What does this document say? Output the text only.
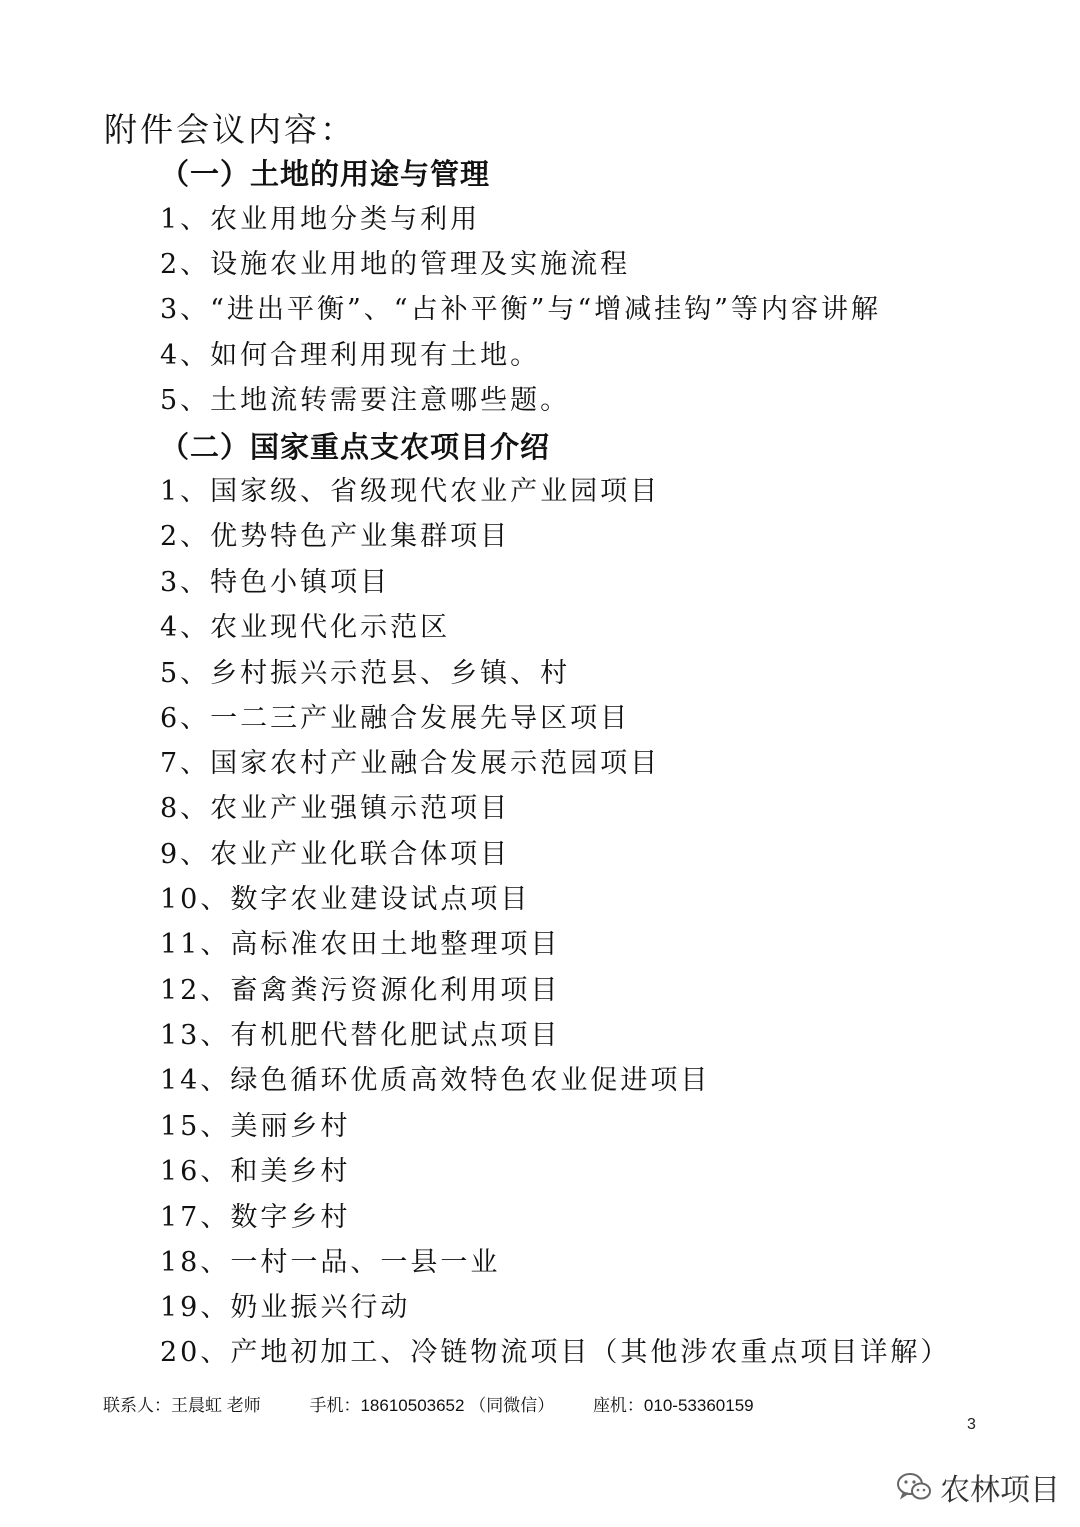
附件会议内容：
（一）土地的用途与管理
1、农业用地分类与利用
2、设施农业用地的管理及实施流程
3、“进出平衡”、“占补平衡”与“增减挂钩”等内容讲解
4、如何合理利用现有土地。
5、土地流转需要注意哪些题。
（二）国家重点支农项目介绍
1、国家级、省级现代农业产业园项目
2、优势特色产业集群项目
3、特色小镇项目
4、农业现代化示范区
5、乡村振兴示范县、乡镇、村
6、一二三产业融合发展先导区项目
7、国家农村产业融合发展示范园项目
8、农业产业强镇示范项目
9、农业产业化联合体项目
10、数字农业建设试点项目
11、高标准农田土地整理项目
12、畜禽粪污资源化利用项目
13、有机肥代替化肥试点项目
14、绿色循环优质高效特色农业促进项目
15、美丽乡村
16、和美乡村
17、数字乡村
18、一村一品、一县一业
19、奶业振兴行动
20、产地初加工、冷链物流项目（其他涉农重点项目详解）
联系人：王晨虹 老师	手机：18610503652 （同微信） 座机：010-53360159
3
农林项目
